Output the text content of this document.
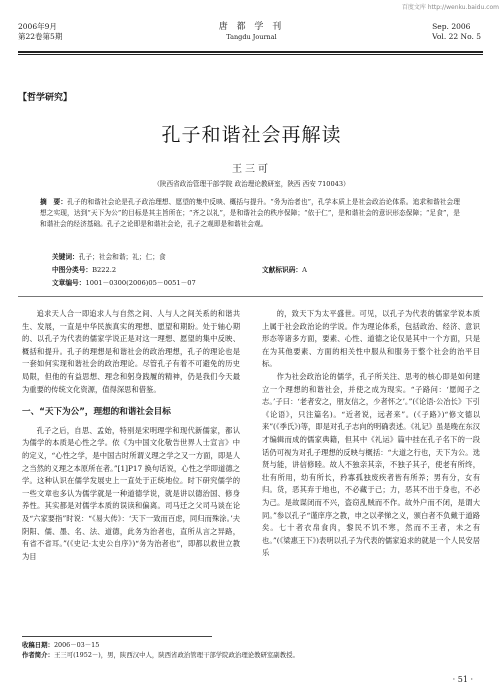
百度文库 http://wenku.baidu.com
2006年9月
第22卷第5期
唐 都 学 刊
Tangdu Journal
Sep. 2006
Vol. 22 No. 5
【哲学研究】
孔子和谐社会再解读
王三可
（陕西省政治管理干部学院 政治理论教研室，陕西 西安 710043）
摘　要：孔子的和谐社会论是孔子政治理想、愿望的集中反映、概括与提升。“务为治者也”，孔学本质上是社会政治论体系。追求和谐社会理想之实现，达到“天下为公”的目标是其主旨所在；“齐之以礼”，是和谐社会的秩序保障；“依于仁”，是和谐社会的意识形态保障；“足食”，是和谐社会的经济基础。孔子之论即是和谐社会论，孔子之观即是和谐社会观。
关键词：孔子；社会和谐；礼；仁；食
中图分类号：B222.2	文献标识码：A
文章编号：1001－0300(2006)05－0051－07

追求天人合一即追求人与自然之间、人与人之间关系的和谐共生、发展，一直是中华民族真实的理想、愿望和期盼。处于轴心期的、以孔子为代表的儒家学说正是对这一理想、愿望的集中反映、概括和提升。孔子的理想是和谐社会的政治理想，孔子的理论也是一套如何实现和谐社会的政治理论。尽管孔子有着不可避免的历史局限，但他的有益思想、理念和躬身践履的精神，仍是我们今天最为重要的传统文化资源，值得深思和借鉴。

一、“天下为公”，理想的和谐社会目标

孔子之后，自思、孟始，特别是宋明理学和现代新儒家，都认为儒学的本质是心性之学。依《为中国文化敬告世界人士宣言》中的定义，“心性之学，是中国古时所谓义理之学之又一方面，即是人之当然的义理之本原所在者。”[1]P17 换句话说，心性之学即道德之学。这种认识在儒学发展史上一直处于正统地位。时下研究儒学的一些文章也多认为儒学就是一种道德学说，就是讲以德治国、修身养性。其实都是对儒学本质的误读和偏离。司马迁之父司马谈在论及“六家要指”时说：“《易大传》：‘天下一致而百虑，同归而殊涂。’夫阴阳、儒、墨、名、法、道德，此务为治者也，直所从言之异路，有省不省耳。”(《史记·太史公自序》)“务为治者也”，即都以救世立教为目

的，致天下为太平盛世。可见，以孔子为代表的儒家学说本质上属于社会政治论的学说。作为理论体系，包括政治、经济、意识形态等诸多方面，要素、心性、道德之论仅是其中一个方面，只是在为其他要素、方面的相关性中服从和服务于整个社会的治平目标。

作为社会政治论的儒学，孔子所关注、思考的核心即是如何建立一个理想的和谐社会，并使之成为现实。“子路问：‘愿闻子之志。’子曰：‘老者安之，朋友信之，少者怀之’。”(《论语·公冶长》下引《论语》，只注篇名)。“近者说，远者来”。(《子路》)“修文德以来”(《季氏》)等，即是对孔子志向的明确表述。《礼记》虽是晚在东汉才编辑而成的儒家典籍，但其中《礼运》篇中挂在孔子名下的一段话仍可视为对孔子理想的反映与概括：“大道之行也，天下为公。选贤与能，讲信修睦。故人不独亲其亲，不独子其子，使老有所终，壮有所用，幼有所长，矜寡孤独废疾者皆有所养；男有分，女有归。货，恶其弃于地也，不必藏于己；力，恶其不出于身也，不必为己。是故谋闭而不兴，盗窃乱贼而不作。故外户而不闭，是谓大同。”参以孔子“谨庠序之教，申之以孝悌之义，颁白者不负戴于道路矣。七十者衣帛食肉，黎民不饥不寒，然而不王者，未之有也。”(《梁惠王下》)表明以孔子为代表的儒家追求的就是一个人民安居乐

收稿日期：2006－03－15
作者简介：王三可(1952－)，男，陕西汉中人，陕西省政治管理干部学院政治理论教研室副教授。
· 51 ·
